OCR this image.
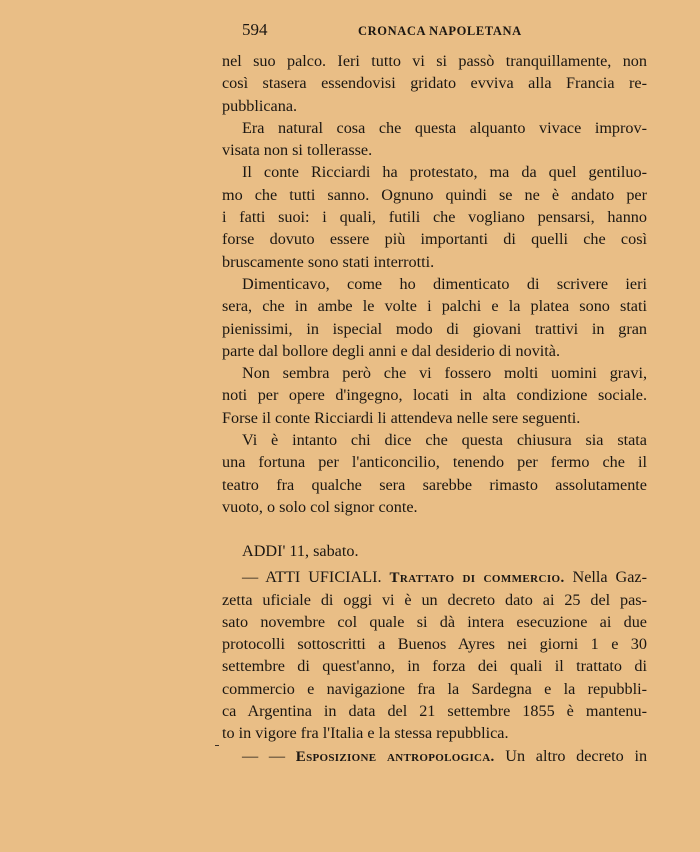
594	CRONACA NAPOLETANA
nel suo palco. Ieri tutto vi si passò tranquillamente, non
così stasera essendovisi gridato evviva alla Francia re-
pubblicana.
Era natural cosa che questa alquanto vivace improv-
visata non si tollerasse.
Il conte Ricciardi ha protestato, ma da quel gentiluo-
mo che tutti sanno. Ognuno quindi se ne è andato per
i fatti suoi: i quali, futili che vogliano pensarsi, hanno
forse dovuto essere più importanti di quelli che così
bruscamente sono stati interrotti.
Dimenticavo, come ho dimenticato di scrivere ieri
sera, che in ambe le volte i palchi e la platea sono stati
pienissimi, in ispecial modo di giovani trattivi in gran
parte dal bollore degli anni e dal desiderio di novità.
Non sembra però che vi fossero molti uomini gravi,
noti per opere d'ingegno, locati in alta condizione sociale.
Forse il conte Ricciardi li attendeva nelle sere seguenti.
Vi è intanto chi dice che questa chiusura sia stata
una fortuna per l'anticoncilio, tenendo per fermo che il
teatro fra qualche sera sarebbe rimasto assolutamente
vuoto, o solo col signor conte.
ADDI' 11, sabato.
— ATTI UFICIALI. Trattato di commercio. Nella Gaz-
zetta uficiale di oggi vi è un decreto dato ai 25 del pas-
sato novembre col quale si dà intera esecuzione ai due
protocolli sottoscritti a Buenos Ayres nei giorni 1 e 30
settembre di quest'anno, in forza dei quali il trattato di
commercio e navigazione fra la Sardegna e la repubbli-
ca Argentina in data del 21 settembre 1855 è mantenu-
to in vigore fra l'Italia e la stessa repubblica.
— — Esposizione antropologica. Un altro decreto in
